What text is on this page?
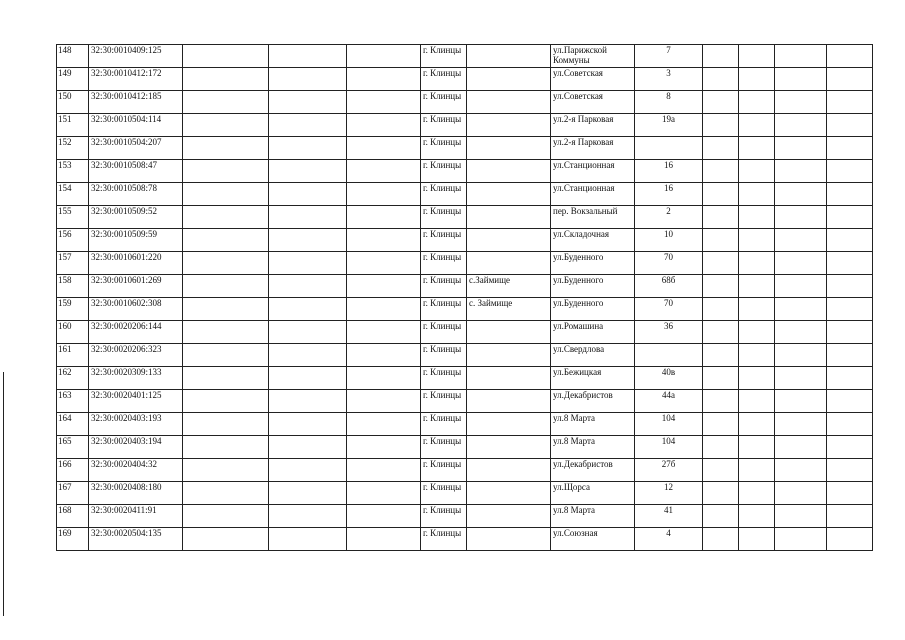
148	32:30:0010409:125				г. Клинцы		ул.Парижской Коммуны	7				
149	32:30:0010412:172				г. Клинцы		ул.Советская	3				
150	32:30:0010412:185				г. Клинцы		ул.Советская	8				
151	32:30:0010504:114				г. Клинцы		ул.2-я Парковая	19а				
152	32:30:0010504:207				г. Клинцы		ул.2-я Парковая					
153	32:30:0010508:47				г. Клинцы		ул.Станционная	16				
154	32:30:0010508:78				г. Клинцы		ул.Станционная	16				
155	32:30:0010509:52				г. Клинцы		пер. Вокзальный	2				
156	32:30:0010509:59				г. Клинцы		ул.Складочная	10				
157	32:30:0010601:220				г. Клинцы		ул.Буденного	70				
158	32:30:0010601:269				г. Клинцы	с.Займище	ул.Буденного	68б				
159	32:30:0010602:308				г. Клинцы	с. Займище	ул.Буденного	70				
160	32:30:0020206:144				г. Клинцы		ул.Ромашина	36				
161	32:30:0020206:323				г. Клинцы		ул.Свердлова					
162	32:30:0020309:133				г. Клинцы		ул.Бежицкая	40в				
163	32:30:0020401:125				г. Клинцы		ул.Декабристов	44а				
164	32:30:0020403:193				г. Клинцы		ул.8 Марта	104				
165	32:30:0020403:194				г. Клинцы		ул.8 Марта	104				
166	32:30:0020404:32				г. Клинцы		ул.Декабристов	27б				
167	32:30:0020408:180				г. Клинцы		ул.Щорса	12				
168	32:30:0020411:91				г. Клинцы		ул.8 Марта	41				
169	32:30:0020504:135				г. Клинцы		ул.Союзная	4				
